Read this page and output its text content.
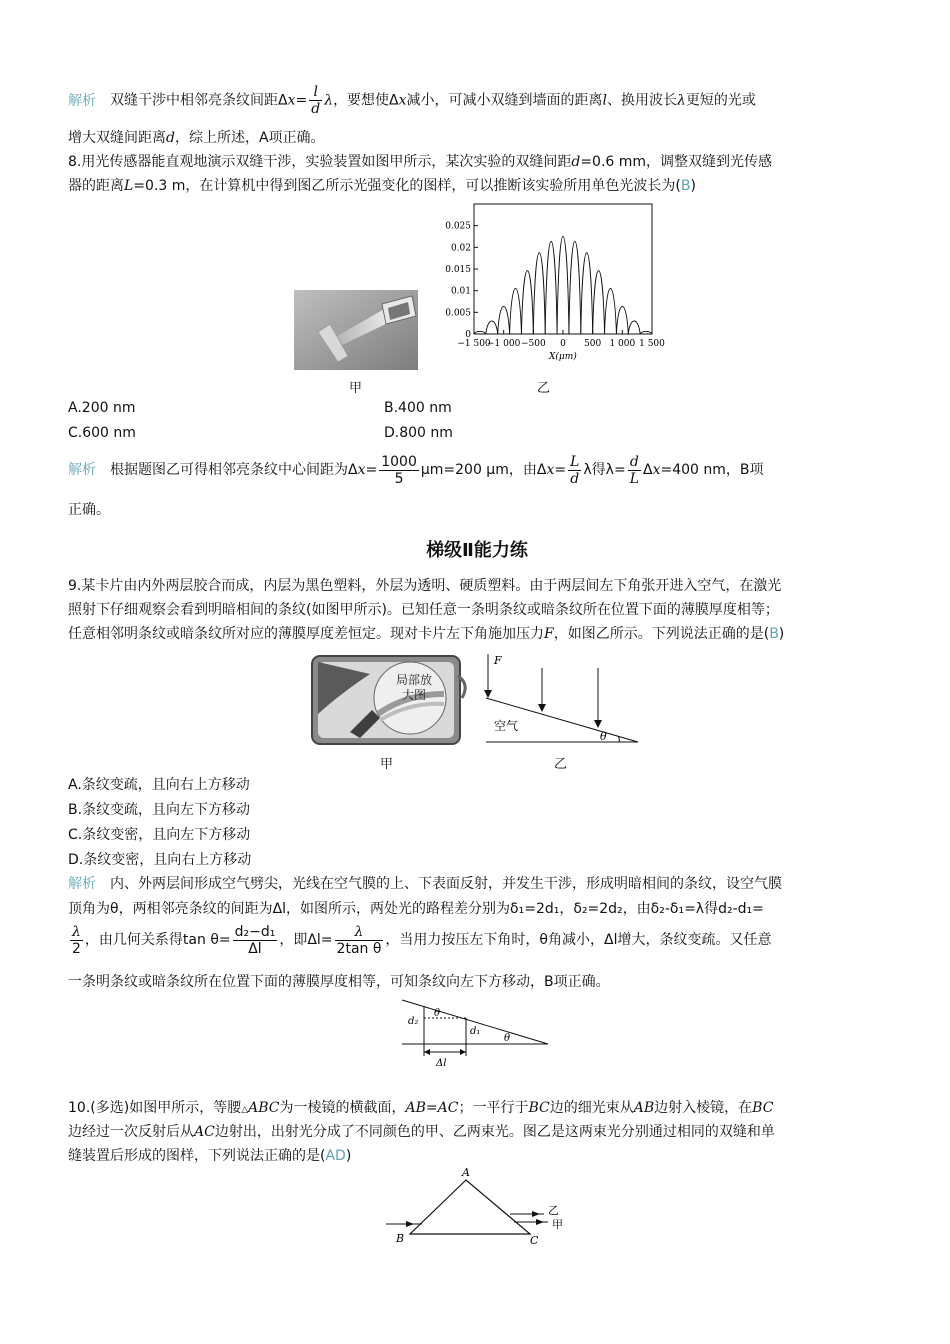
解析 双缝干涉中相邻亮条纹间距$\Delta x= \frac{l}{d}$ λ，要想使Δx减小，可减小双缝到墙面的距离l、换用波长λ更短的光或
增大双缝间距离d，综上所述，A项正确。
8.用光传感器能直观地演示双缝干涉，实验装置如图甲所示，某次实验的双缝间距d=0.6 mm，调整双缝到光传感
器的距离L=0.3 m，在计算机中得到图乙所示光强变化的图样，可以推断该实验所用单色光波长为(B)
甲
0
0.005
0.01
0.015
0.02
0.025
−1 500
−1 000 −500 0 500 1 000 1 500
X(μm)
乙
A.200 nm	B.400 nm
C.600 nm	D.800 nm
解析 根据题图乙可得相邻亮条纹中心间距为$\Delta x= \frac{1000}{5} \mu m=200$ μm，由$\Delta x= \frac{L}{d}$ λ得$\lambda= \frac{d}{L} \Delta x=400$ nm，B项
正确。
梯级Ⅱ能力练
9.某卡片由内外两层胶合而成，内层为黑色塑料，外层为透明、硬质塑料。由于两层间左下角张开进入空气，在激光
照射下仔细观察会看到明暗相间的条纹(如图甲所示)。已知任意一条明条纹或暗条纹所在位置下面的薄膜厚度相等；
任意相邻明条纹或暗条纹所对应的薄膜厚度差恒定。现对卡片左下角施加压力F，如图乙所示。下列说法正确的是(B)
局部放
大图
甲
F
空气
θ
乙
A.条纹变疏，且向右上方移动
B.条纹变疏，且向左下方移动
C.条纹变密，且向左下方移动
D.条纹变密，且向右上方移动
解析 内、外两层间形成空气劈尖，光线在空气膜的上、下表面反射，并发生干涉，形成明暗相间的条纹，设空气膜
顶角为θ，两相邻亮条纹的间距为Δl，如图所示，两处光的路程差分别为δ₁=2d₁，δ₂=2d₂，由δ₂-δ₁=λ得d₂-d₁=
$\frac{\lambda}{2}$ ，由几何关系得$\tan \theta= \frac{\text{d₂−d₁}}{\Delta l}$ ，即$\Delta l= \frac{\lambda}{\text{2tan θ}}$ ，当用力按压左下角时，θ角减小，Δl增大，条纹变疏。又任意
一条明条纹或暗条纹所在位置下面的薄膜厚度相等，可知条纹向左下方移动，B项正确。
d₂
d₁
θ
θ
Δl
10.(多选)如图甲所示，等腰△ABC为一棱镜的横截面，AB=AC；一平行于BC边的细光束从AB边射入棱镜，在BC
边经过一次反射后从AC边射出，出射光分成了不同颜色的甲、乙两束光。图乙是这两束光分别通过相同的双缝和单
缝装置后形成的图样，下列说法正确的是(AD)
A
B	C
乙
甲
